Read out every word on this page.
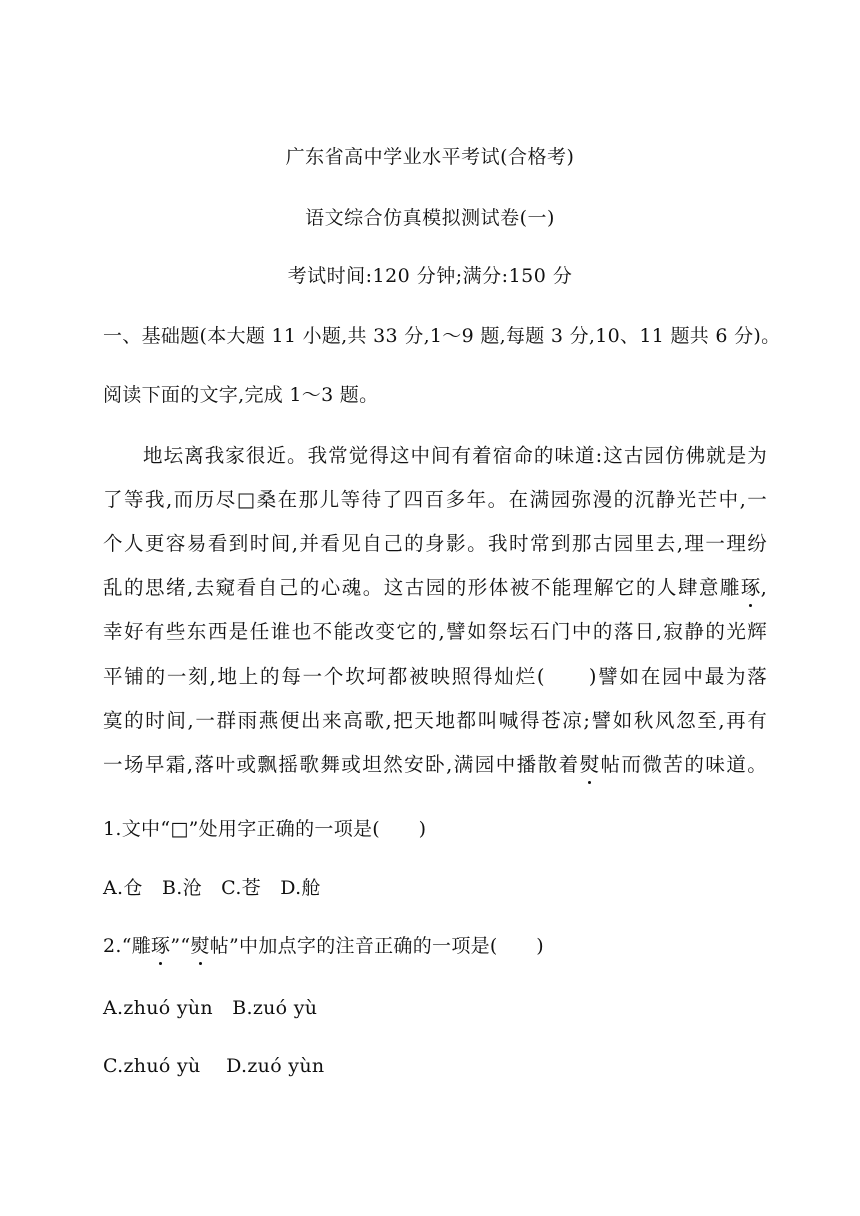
广东省高中学业水平考试(合格考)
语文综合仿真模拟测试卷(一)
考试时间:120 分钟;满分:150 分
一、基础题(本大题 11 小题,共 33 分,1～9 题,每题 3 分,10、11 题共 6 分)。
阅读下面的文字,完成 1～3 题。
地坛离我家很近。我常觉得这中间有着宿命的味道:这古园仿佛就是为
了等我,而历尽□桑在那儿等待了四百多年。在满园弥漫的沉静光芒中,一
个人更容易看到时间,并看见自己的身影。我时常到那古园里去,理一理纷
乱的思绪,去窥看自己的心魂。这古园的形体被不能理解它的人肆意雕琢,
幸好有些东西是任谁也不能改变它的,譬如祭坛石门中的落日,寂静的光辉
平铺的一刻,地上的每一个坎坷都被映照得灿烂(　　)譬如在园中最为落
寞的时间,一群雨燕便出来高歌,把天地都叫喊得苍凉;譬如秋风忽至,再有
一场早霜,落叶或飘摇歌舞或坦然安卧,满园中播散着熨帖而微苦的味道。
1.文中“□”处用字正确的一项是(　　)
A.仓　B.沧　C.苍　D.舱
2.“雕琢”“熨帖”中加点字的注音正确的一项是(　　)
A.zhuó yùn　B.zuó yù
C.zhuó yù　 D.zuó yùn
